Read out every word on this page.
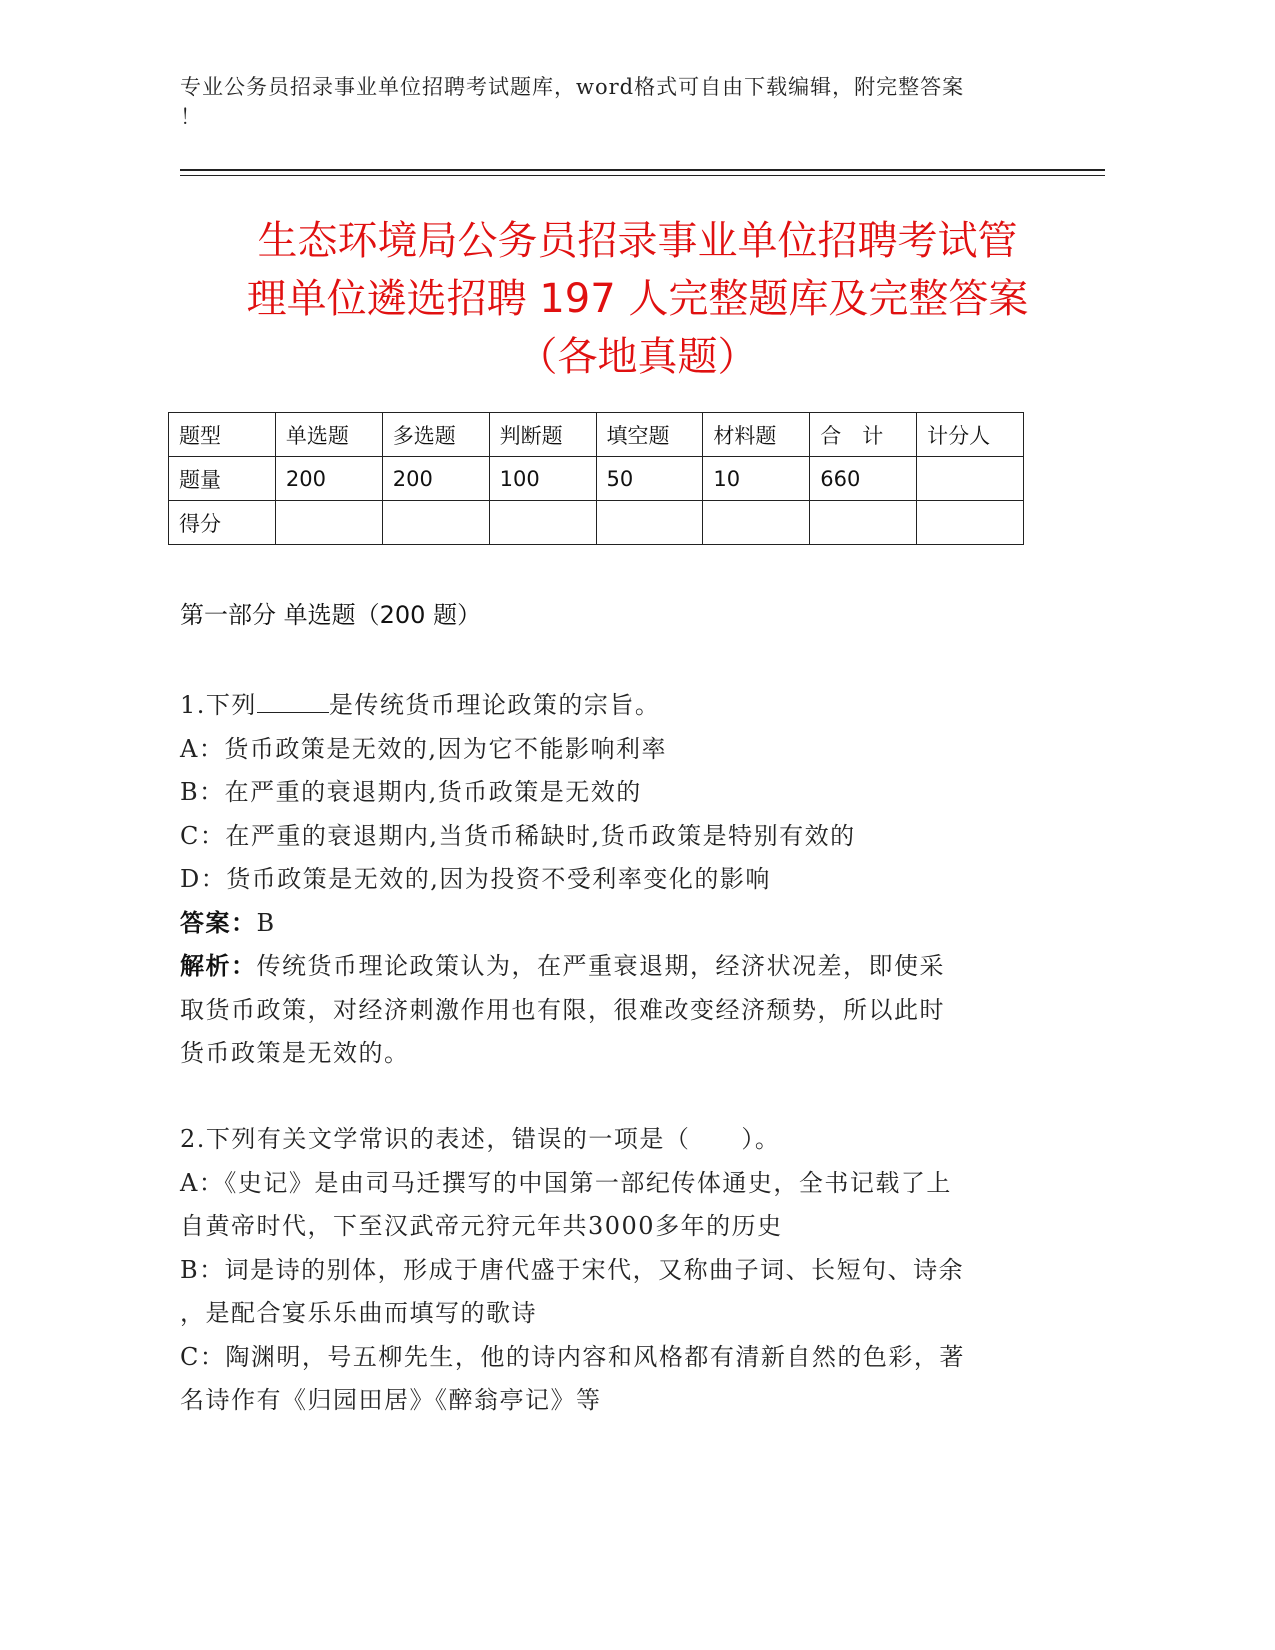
专业公务员招录事业单位招聘考试题库，word格式可自由下载编辑，附完整答案
！
生态环境局公务员招录事业单位招聘考试管
理单位遴选招聘 197 人完整题库及完整答案
（各地真题）
题型	单选题	多选题	判断题	填空题	材料题	合　计	计分人
题量	200	200	100	50	10	660	
得分							
第一部分 单选题（200 题）

1.下列	是传统货币理论政策的宗旨。

A：货币政策是无效的,因为它不能影响利率

B：在严重的衰退期内,货币政策是无效的

C：在严重的衰退期内,当货币稀缺时,货币政策是特别有效的

D：货币政策是无效的,因为投资不受利率变化的影响

答案：B

解析：传统货币理论政策认为，在严重衰退期，经济状况差，即使采

取货币政策，对经济刺激作用也有限，很难改变经济颓势，所以此时

货币政策是无效的。

2.下列有关文学常识的表述，错误的一项是（　　）。

A：《史记》是由司马迁撰写的中国第一部纪传体通史，全书记载了上

自黄帝时代，下至汉武帝元狩元年共3000多年的历史

B：词是诗的别体，形成于唐代盛于宋代，又称曲子词、长短句、诗余

，是配合宴乐乐曲而填写的歌诗

C：陶渊明，号五柳先生，他的诗内容和风格都有清新自然的色彩，著

名诗作有《归园田居》《醉翁亭记》等
